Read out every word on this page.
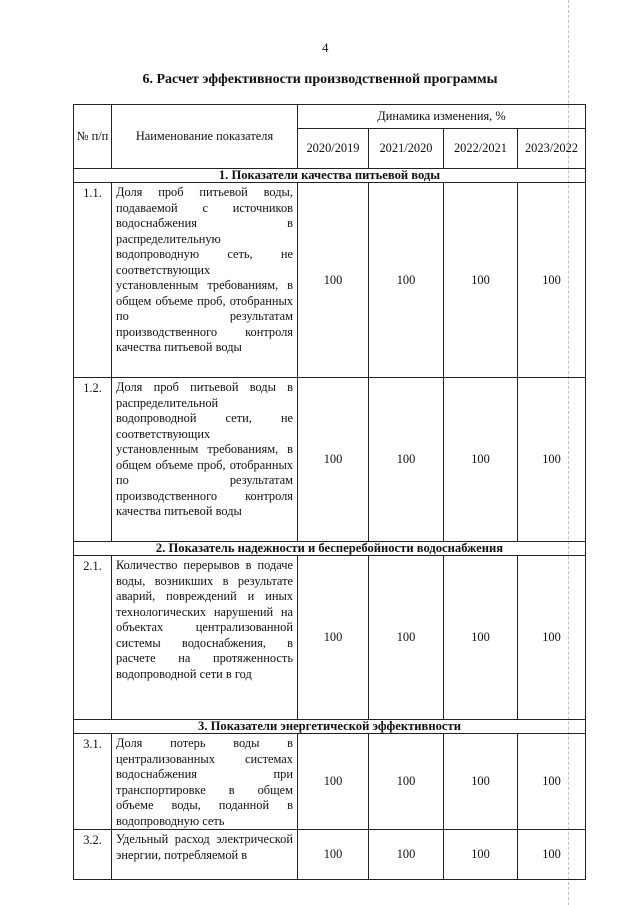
4
6. Расчет эффективности производственной программы
№ п/п	Наименование показателя	Динамика изменения, %			
		2020/2019	2021/2020	2022/2021	2023/2022
1. Показатели качества питьевой воды					
1.1.	Доля проб питьевой воды, подаваемой с источников водоснабжения в распределительную водопроводную сеть, не соответствующих установленным требованиям, в общем объеме проб, отобранных по результатам производственного контроля качества питьевой воды	100	100	100	100
1.2.	Доля проб питьевой воды в распределительной водопроводной сети, не соответствующих установленным требованиям, в общем объеме проб, отобранных по результатам производственного контроля качества питьевой воды	100	100	100	100
2. Показатель надежности и бесперебойности водоснабжения					
2.1.	Количество перерывов в подаче воды, возникших в результате аварий, повреждений и иных технологических нарушений на объектах централизованной системы водоснабжения, в расчете на протяженность водопроводной сети в год	100	100	100	100
3. Показатели энергетической эффективности					
3.1.	Доля потерь воды в централизованных системах водоснабжения при транспортировке в общем объеме воды, поданной в водопроводную сеть	100	100	100	100
3.2.	Удельный расход электрической энергии, потребляемой в	100	100	100	100
